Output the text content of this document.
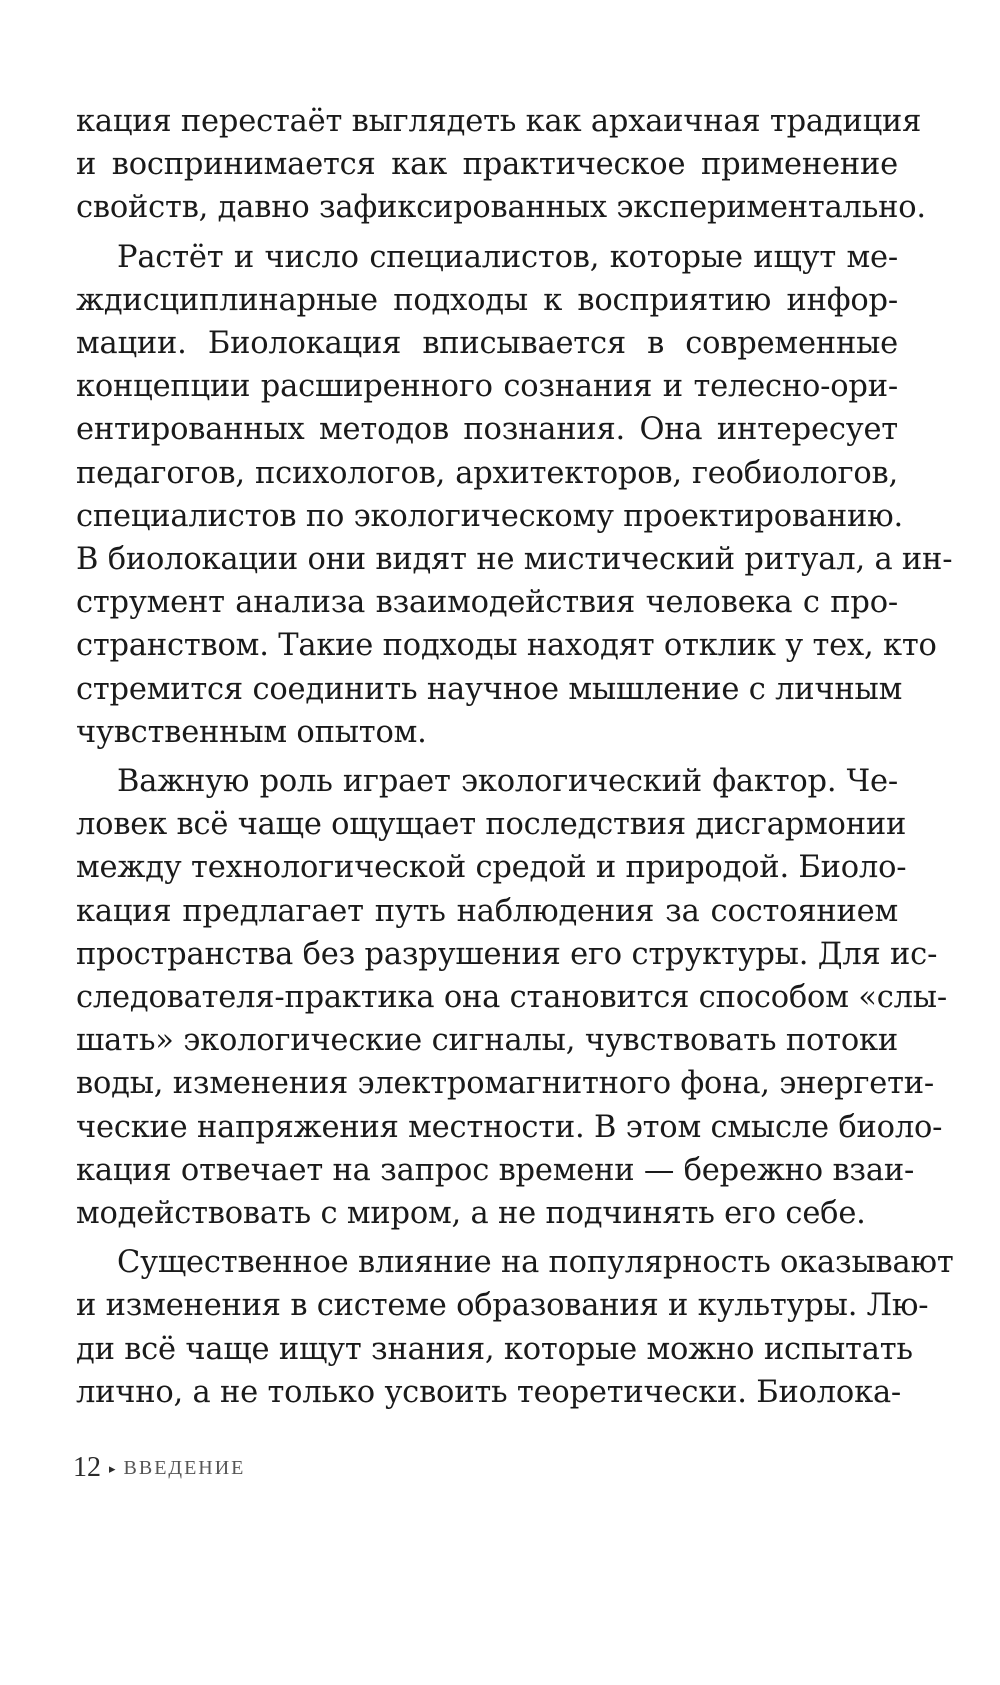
кация перестаёт выглядеть как архаичная традиция
и воспринимается как практическое применение
свойств, давно зафиксированных экспериментально.

Растёт и число специалистов, которые ищут ме-
ждисциплинарные подходы к восприятию инфор-
мации. Биолокация вписывается в современные
концепции расширенного сознания и телесно-ори-
ентированных методов познания. Она интересует
педагогов, психологов, архитекторов, геобиологов,
специалистов по экологическому проектированию.
В биолокации они видят не мистический ритуал, а ин-
струмент анализа взаимодействия человека с про-
странством. Такие подходы находят отклик у тех, кто
стремится соединить научное мышление с личным
чувственным опытом.

Важную роль играет экологический фактор. Че-
ловек всё чаще ощущает последствия дисгармонии
между технологической средой и природой. Биоло-
кация предлагает путь наблюдения за состоянием
пространства без разрушения его структуры. Для ис-
следователя-практика она становится способом «слы-
шать» экологические сигналы, чувствовать потоки
воды, изменения электромагнитного фона, энергети-
ческие напряжения местности. В этом смысле биоло-
кация отвечает на запрос времени — бережно взаи-
модействовать с миром, а не подчинять его себе.

Существенное влияние на популярность оказывают
и изменения в системе образования и культуры. Лю-
ди всё чаще ищут знания, которые можно испытать
лично, а не только усвоить теоретически. Биолока-

12 ▸ ВВЕДЕНИЕ
